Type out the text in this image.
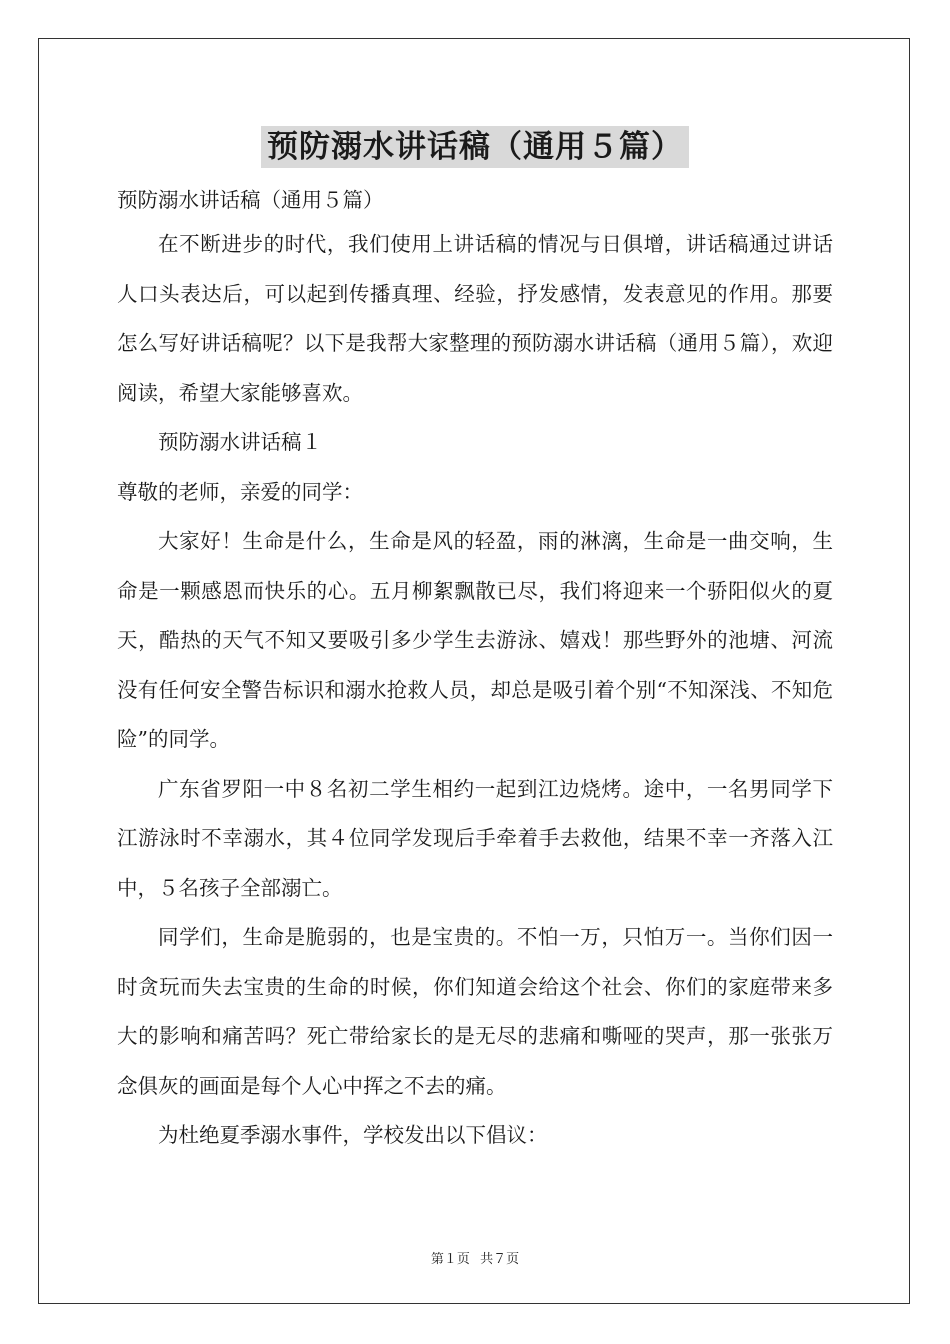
预防溺水讲话稿（通用５篇）

预防溺水讲话稿（通用５篇）

在不断进步的时代，我们使用上讲话稿的情况与日俱增，讲话稿通过讲话人口头表达后，可以起到传播真理、经验，抒发感情，发表意见的作用。那要怎么写好讲话稿呢？以下是我帮大家整理的预防溺水讲话稿（通用５篇），欢迎阅读，希望大家能够喜欢。

预防溺水讲话稿１

尊敬的老师，亲爱的同学：

大家好！生命是什么，生命是风的轻盈，雨的淋漓，生命是一曲交响，生命是一颗感恩而快乐的心。五月柳絮飘散已尽，我们将迎来一个骄阳似火的夏天，酷热的天气不知又要吸引多少学生去游泳、嬉戏！那些野外的池塘、河流没有任何安全警告标识和溺水抢救人员，却总是吸引着个别“不知深浅、不知危险”的同学。

广东省罗阳一中８名初二学生相约一起到江边烧烤。途中，一名男同学下江游泳时不幸溺水，其４位同学发现后手牵着手去救他，结果不幸一齐落入江中，５名孩子全部溺亡。

同学们，生命是脆弱的，也是宝贵的。不怕一万，只怕万一。当你们因一时贪玩而失去宝贵的生命的时候，你们知道会给这个社会、你们的家庭带来多大的影响和痛苦吗？死亡带给家长的是无尽的悲痛和嘶哑的哭声，那一张张万念俱灰的画面是每个人心中挥之不去的痛。

为杜绝夏季溺水事件，学校发出以下倡议：

第１页 共７页
